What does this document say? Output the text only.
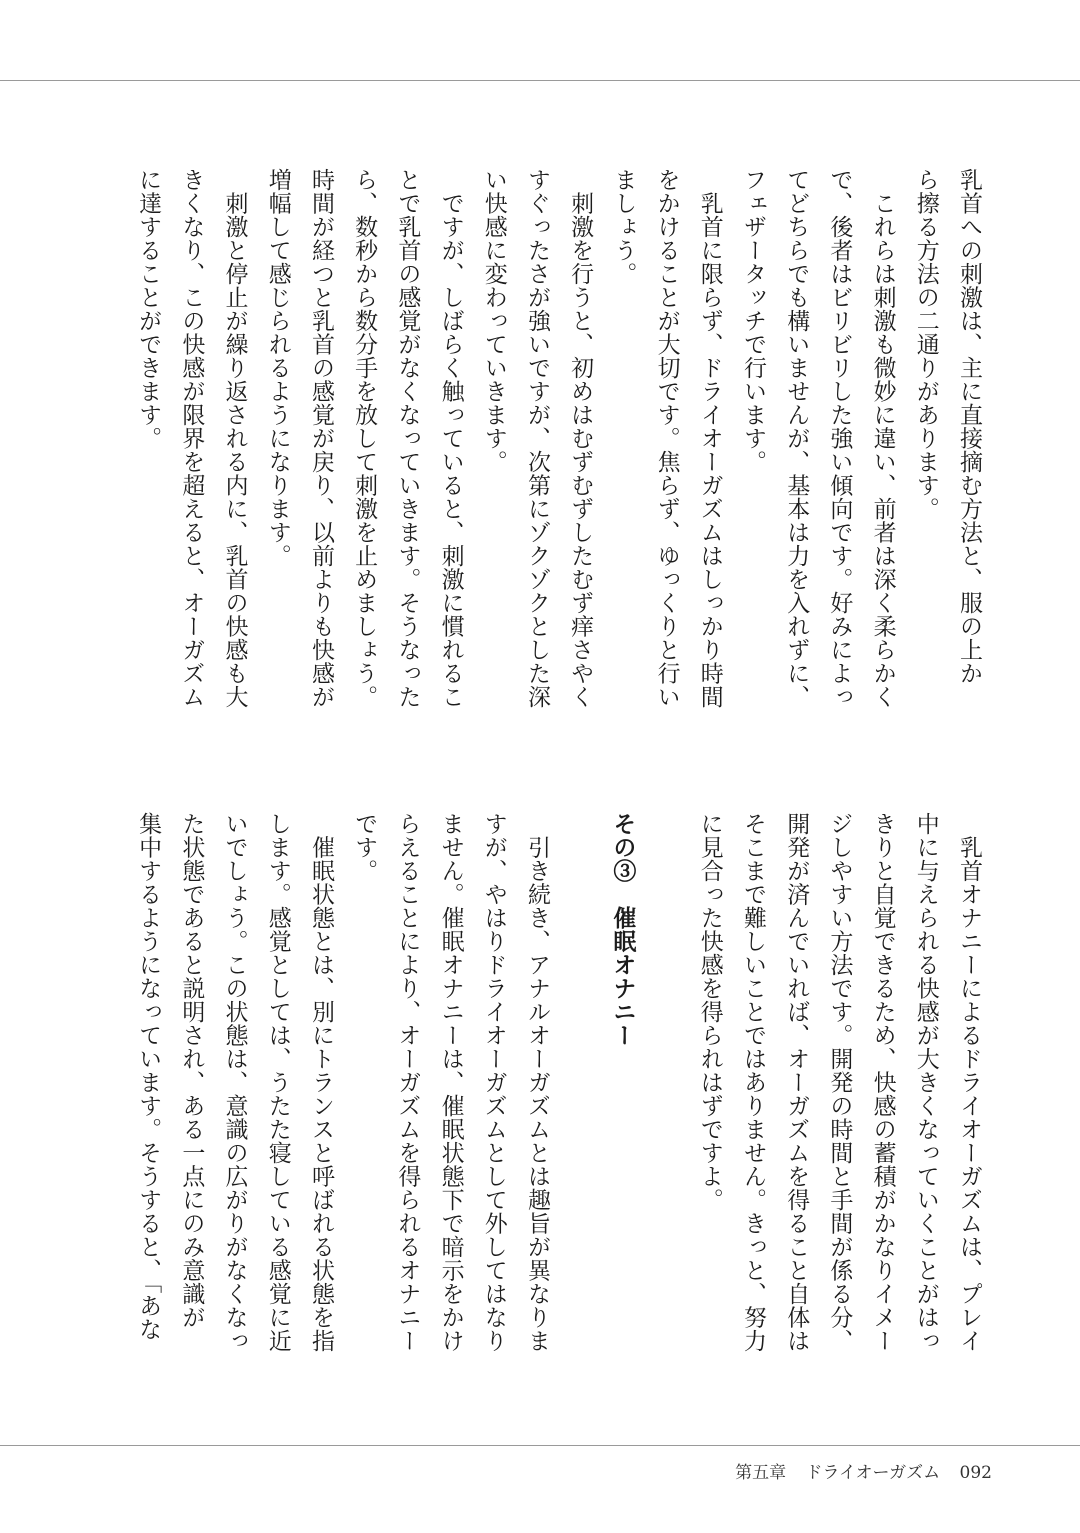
乳首への刺激は、主に直接摘む方法と、服の上か
ら擦る方法の二通りがあります。
　これらは刺激も微妙に違い、前者は深く柔らかく
で、後者はビリビリした強い傾向です。好みによっ
てどちらでも構いませんが、基本は力を入れずに、
フェザータッチで行います。
　乳首に限らず、ドライオーガズムはしっかり時間
をかけることが大切です。焦らず、ゆっくりと行い
ましょう。
　刺激を行うと、初めはむずむずしたむず痒さやく
すぐったさが強いですが、次第にゾクゾクとした深
い快感に変わっていきます。
　ですが、しばらく触っていると、刺激に慣れるこ
とで乳首の感覚がなくなっていきます。そうなった
ら、数秒から数分手を放して刺激を止めましょう。
時間が経つと乳首の感覚が戻り、以前よりも快感が
増幅して感じられるようになります。
　刺激と停止が繰り返される内に、乳首の快感も大
きくなり、この快感が限界を超えると、オーガズム
に達することができます。
　乳首オナニーによるドライオーガズムは、プレイ
中に与えられる快感が大きくなっていくことがはっ
きりと自覚できるため、快感の蓄積がかなりイメー
ジしやすい方法です。開発の時間と手間が係る分、
開発が済んでいれば、オーガズムを得ること自体は
そこまで難しいことではありません。きっと、努力
に見合った快感を得られはずですよ。

その③　催眠オナニー

　引き続き、アナルオーガズムとは趣旨が異なりま
すが、やはりドライオーガズムとして外してはなり
ません。催眠オナニーは、催眠状態下で暗示をかけ
らえることにより、オーガズムを得られるオナニー
です。
　催眠状態とは、別にトランスと呼ばれる状態を指
します。感覚としては、うたた寝している感覚に近
いでしょう。この状態は、意識の広がりがなくなっ
た状態であると説明され、ある一点にのみ意識が
集中するようになっています。そうすると、「あな
第五章 ドライオーガズム 092
